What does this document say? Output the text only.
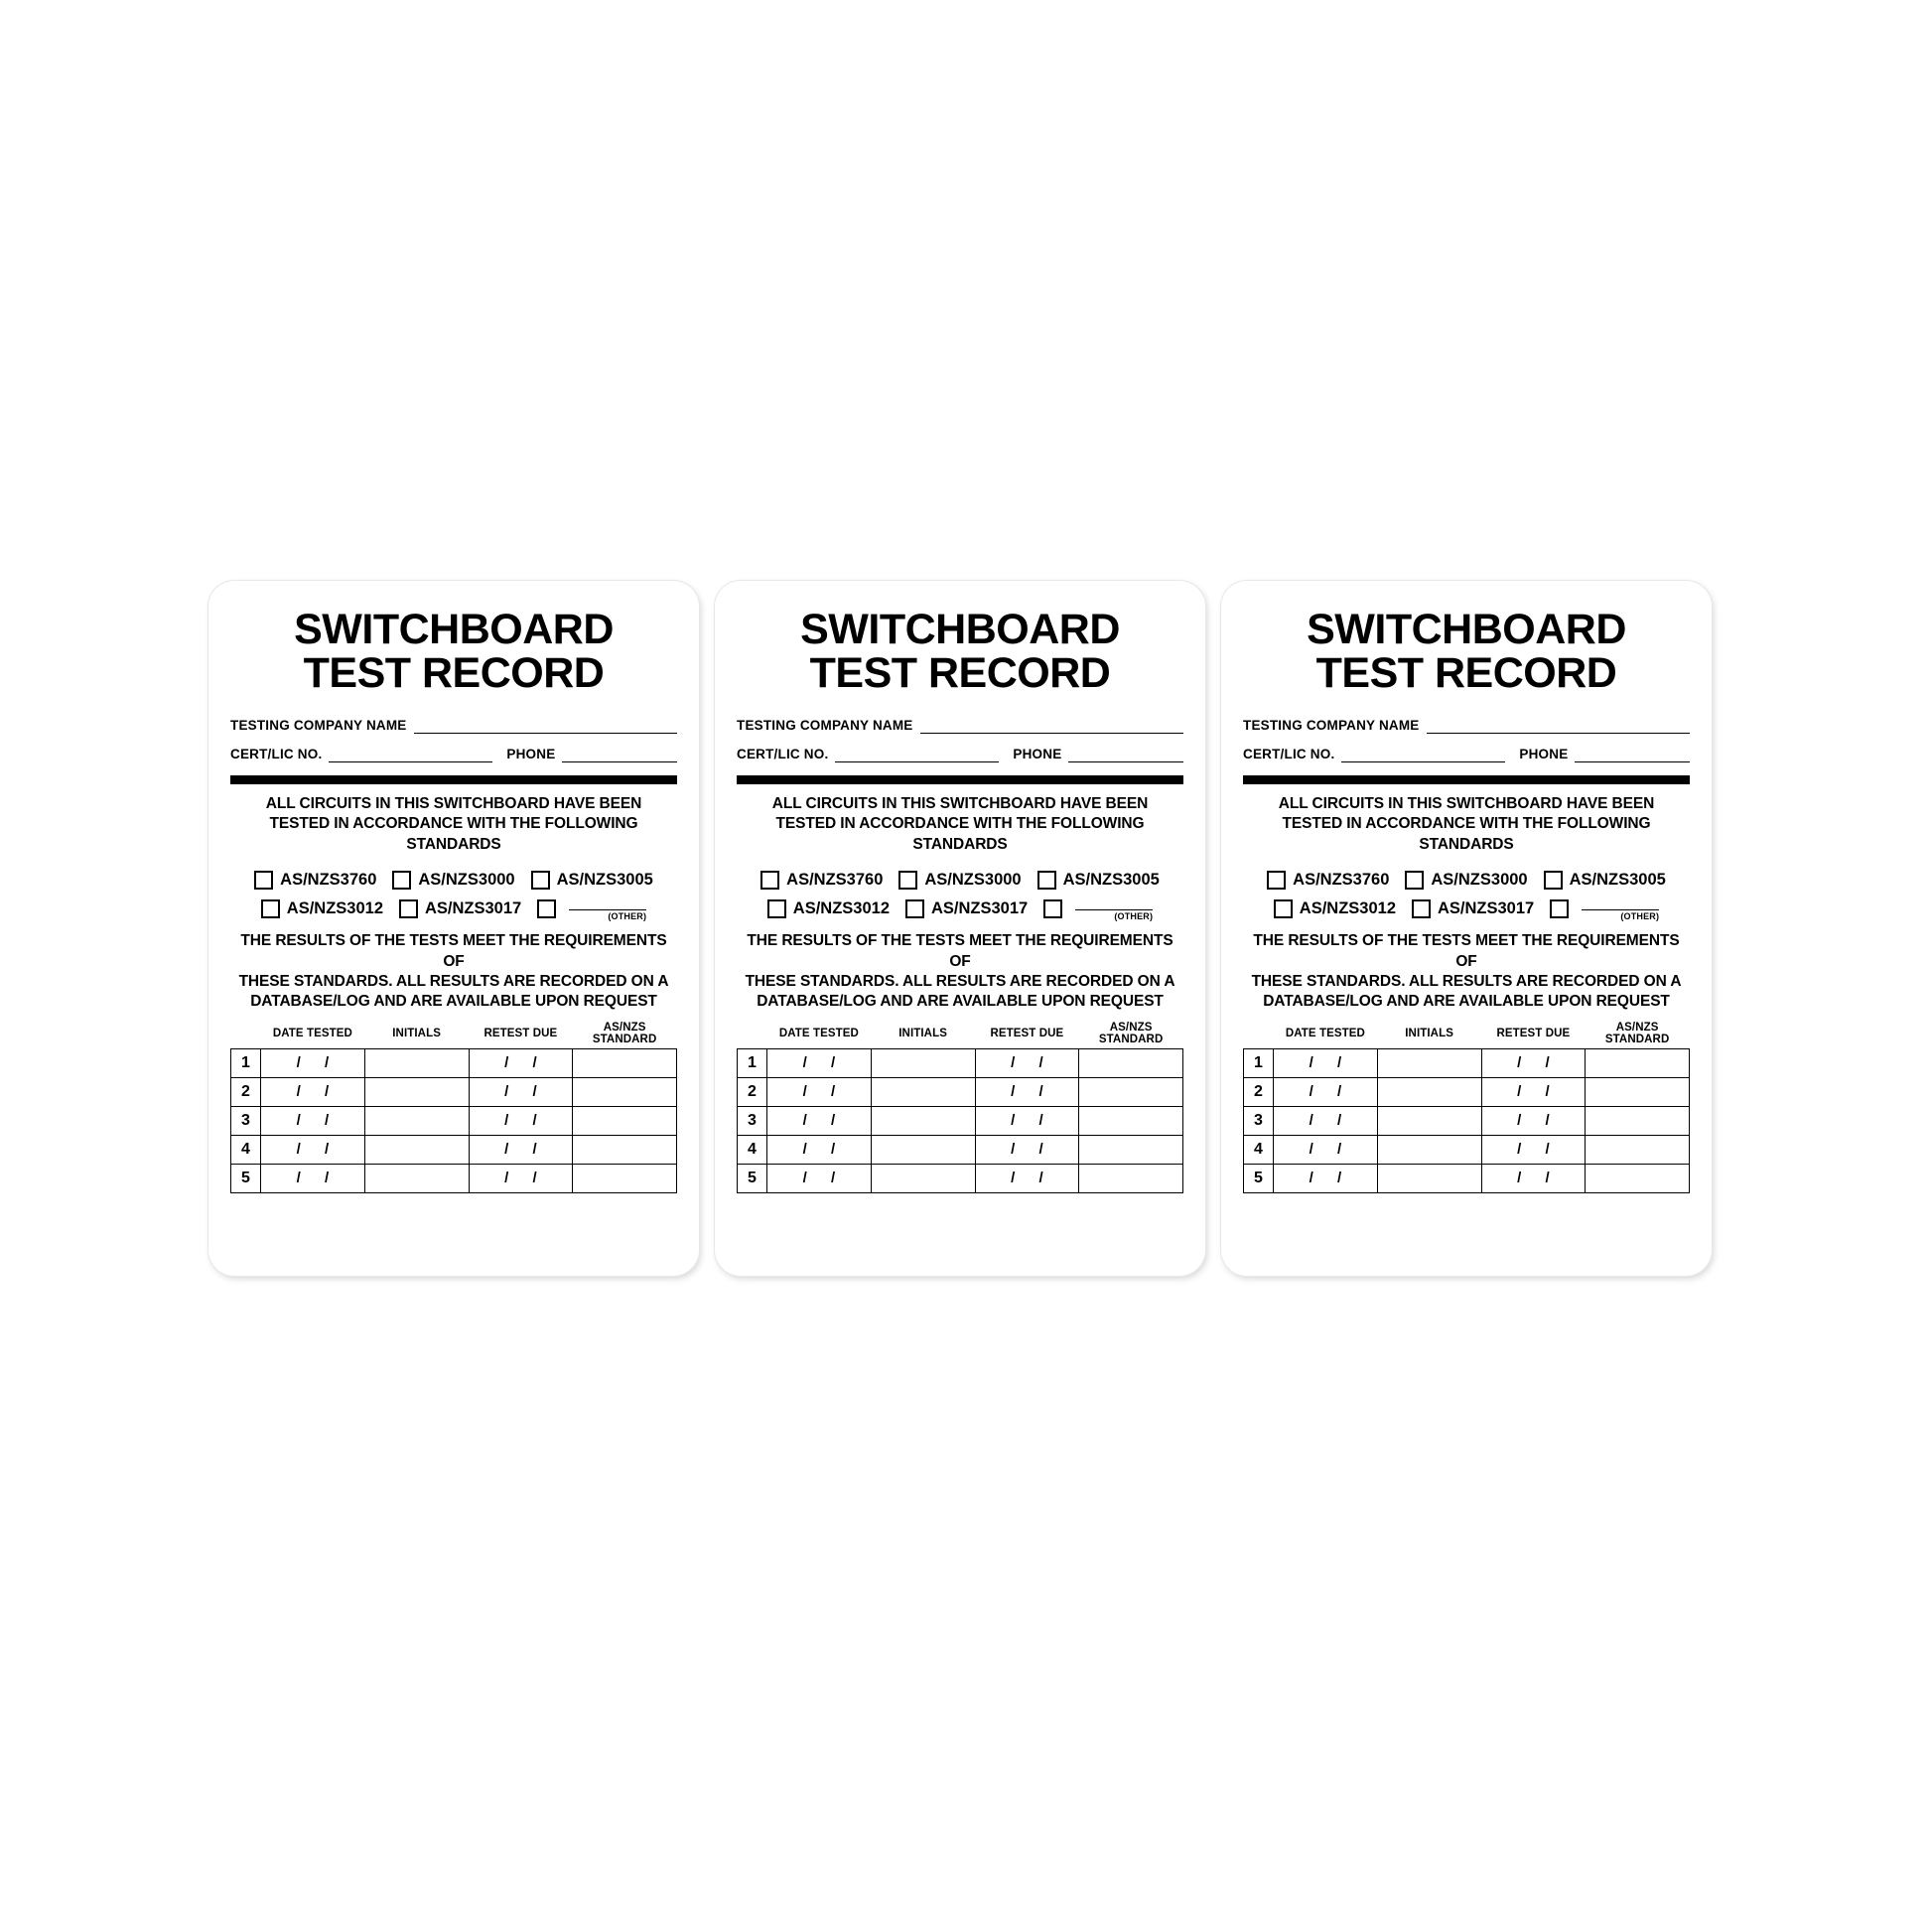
SWITCHBOARD
TEST RECORD
TESTING COMPANY NAME
CERT/LIC NO.	PHONE
ALL CIRCUITS IN THIS SWITCHBOARD HAVE BEEN
TESTED IN ACCORDANCE WITH THE FOLLOWING STANDARDS
AS/NZS3760	AS/NZS3000	AS/NZS3005
AS/NZS3012	AS/NZS3017	(OTHER)
THE RESULTS OF THE TESTS MEET THE REQUIREMENTS OF
THESE STANDARDS. ALL RESULTS ARE RECORDED ON A
DATABASE/LOG AND ARE AVAILABLE UPON REQUEST
	DATE TESTED	INITIALS	RETEST DUE	AS/NZS STANDARD
1	/ /		/ /	
2	/ /		/ /	
3	/ /		/ /	
4	/ /		/ /	
5	/ /		/ /	
SWITCHBOARD
TEST RECORD
TESTING COMPANY NAME
CERT/LIC NO.	PHONE
ALL CIRCUITS IN THIS SWITCHBOARD HAVE BEEN
TESTED IN ACCORDANCE WITH THE FOLLOWING STANDARDS
AS/NZS3760	AS/NZS3000	AS/NZS3005
AS/NZS3012	AS/NZS3017	(OTHER)
THE RESULTS OF THE TESTS MEET THE REQUIREMENTS OF
THESE STANDARDS. ALL RESULTS ARE RECORDED ON A
DATABASE/LOG AND ARE AVAILABLE UPON REQUEST
	DATE TESTED	INITIALS	RETEST DUE	AS/NZS STANDARD
1	/ /		/ /	
2	/ /		/ /	
3	/ /		/ /	
4	/ /		/ /	
5	/ /		/ /	
SWITCHBOARD
TEST RECORD
TESTING COMPANY NAME
CERT/LIC NO.	PHONE
ALL CIRCUITS IN THIS SWITCHBOARD HAVE BEEN
TESTED IN ACCORDANCE WITH THE FOLLOWING STANDARDS
AS/NZS3760	AS/NZS3000	AS/NZS3005
AS/NZS3012	AS/NZS3017	(OTHER)
THE RESULTS OF THE TESTS MEET THE REQUIREMENTS OF
THESE STANDARDS. ALL RESULTS ARE RECORDED ON A
DATABASE/LOG AND ARE AVAILABLE UPON REQUEST
	DATE TESTED	INITIALS	RETEST DUE	AS/NZS STANDARD
1	/ /		/ /	
2	/ /		/ /	
3	/ /		/ /	
4	/ /		/ /	
5	/ /		/ /	
